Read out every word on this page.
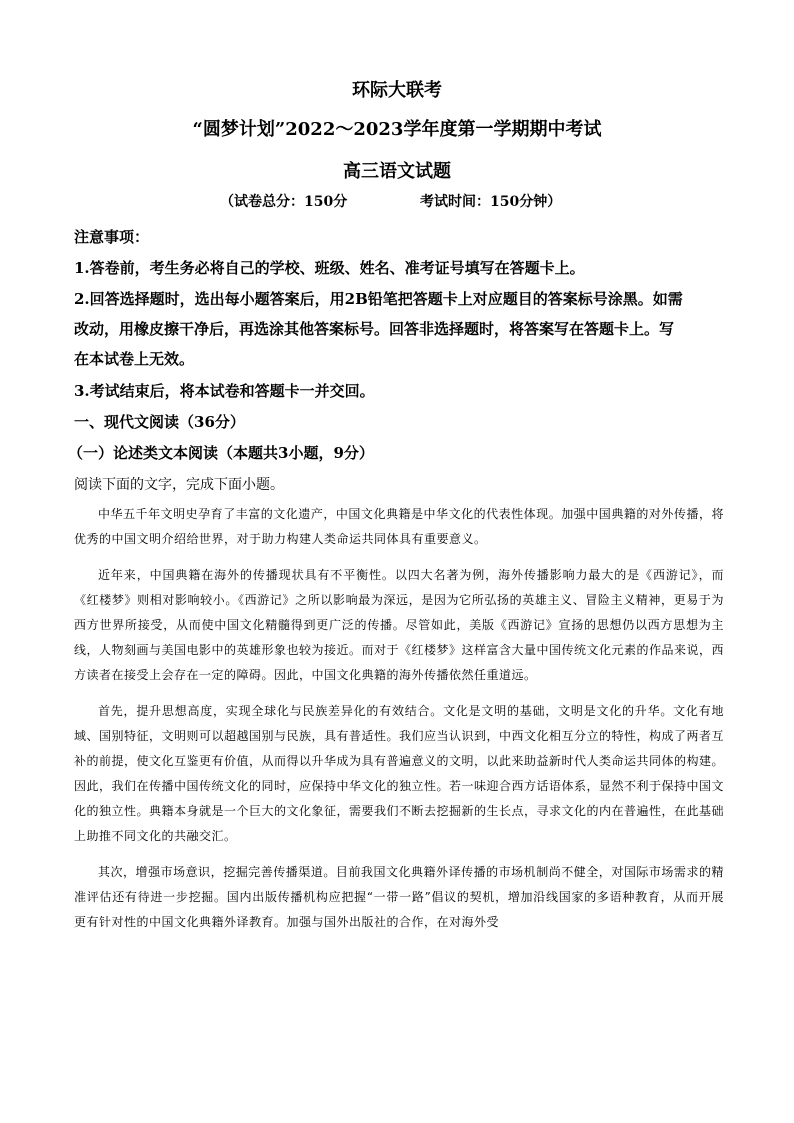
环际大联考
“圆梦计划”2022～2023学年度第一学期期中考试
高三语文试题
（试卷总分：150分	考试时间：150分钟）
注意事项：
1.答卷前，考生务必将自己的学校、班级、姓名、准考证号填写在答题卡上。
2.回答选择题时，选出每小题答案后，用2B铅笔把答题卡上对应题目的答案标号涂黑。如需
改动，用橡皮擦干净后，再选涂其他答案标号。回答非选择题时，将答案写在答题卡上。写
在本试卷上无效。
3.考试结束后，将本试卷和答题卡一并交回。
一、现代文阅读（36分）
（一）论述类文本阅读（本题共3小题，9分）
阅读下面的文字，完成下面小题。

中华五千年文明史孕育了丰富的文化遗产，中国文化典籍是中华文化的代表性体现。加强中国典籍的对外传播，将优秀的中国文明介绍给世界，对于助力构建人类命运共同体具有重要意义。

近年来，中国典籍在海外的传播现状具有不平衡性。以四大名著为例，海外传播影响力最大的是《西游记》，而《红楼梦》则相对影响较小。《西游记》之所以影响最为深远，是因为它所弘扬的英雄主义、冒险主义精神，更易于为西方世界所接受，从而使中国文化精髓得到更广泛的传播。尽管如此，美版《西游记》宣扬的思想仍以西方思想为主线，人物刻画与美国电影中的英雄形象也较为接近。而对于《红楼梦》这样富含大量中国传统文化元素的作品来说，西方读者在接受上会存在一定的障碍。因此，中国文化典籍的海外传播依然任重道远。

首先，提升思想高度，实现全球化与民族差异化的有效结合。文化是文明的基础，文明是文化的升华。文化有地域、国别特征，文明则可以超越国别与民族，具有普适性。我们应当认识到，中西文化相互分立的特性，构成了两者互补的前提，使文化互鉴更有价值，从而得以升华成为具有普遍意义的文明，以此来助益新时代人类命运共同体的构建。因此，我们在传播中国传统文化的同时，应保持中华文化的独立性。若一味迎合西方话语体系，显然不利于保持中国文化的独立性。典籍本身就是一个巨大的文化象征，需要我们不断去挖掘新的生长点，寻求文化的内在普遍性，在此基础上助推不同文化的共融交汇。

其次，增强市场意识，挖掘完善传播渠道。目前我国文化典籍外译传播的市场机制尚不健全，对国际市场需求的精准评估还有待进一步挖掘。国内出版传播机构应把握“一带一路”倡议的契机，增加沿线国家的多语种教育，从而开展更有针对性的中国文化典籍外译教育。加强与国外出版社的合作，在对海外受
